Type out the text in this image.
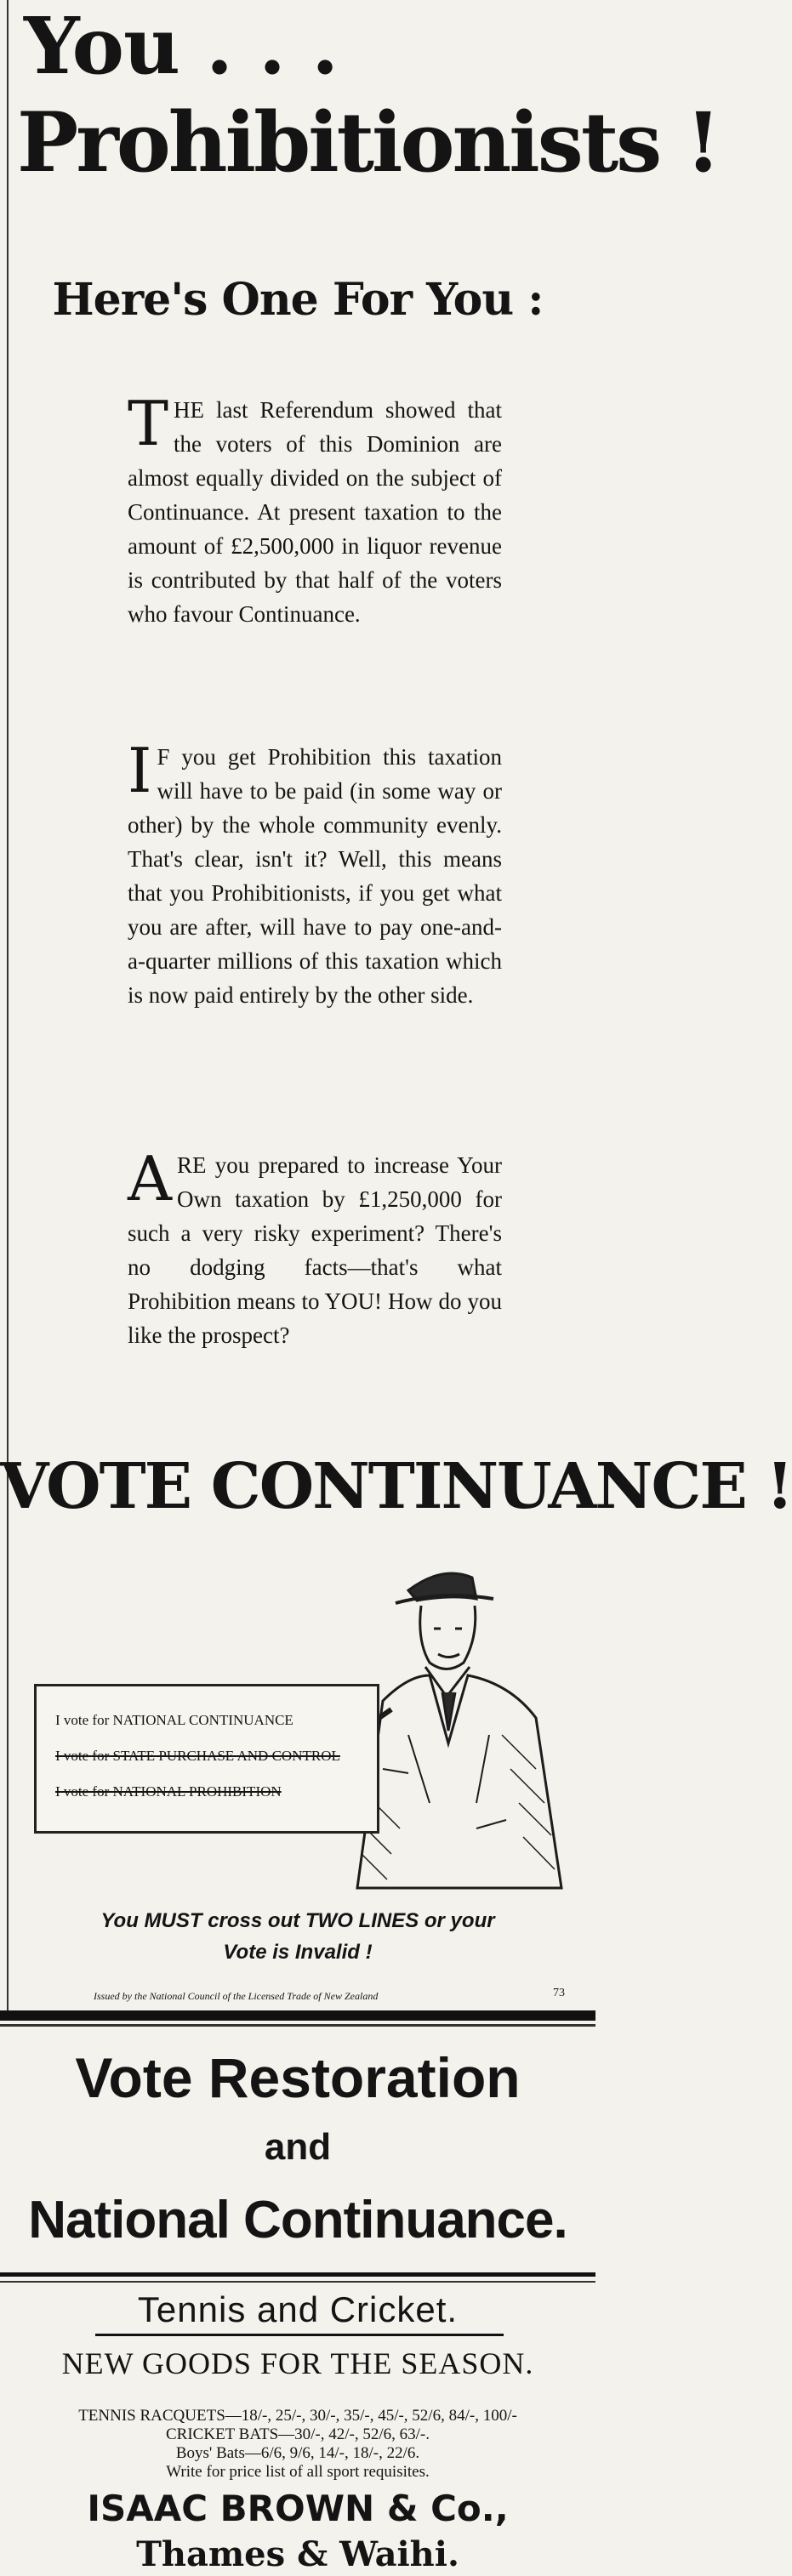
You . . .
Prohibitionists !
Here's One For You :
T HE last Referendum showed that the voters of this Dominion are almost equally divided on the subject of Continuance. At present taxation to the amount of £2,500,000 in liquor revenue is contributed by that half of the voters who favour Continuance.
I F you get Prohibition this taxation will have to be paid (in some way or other) by the whole community evenly. That's clear, isn't it? Well, this means that you Prohibitionists, if you get what you are after, will have to pay one-and-a-quarter millions of this taxation which is now paid entirely by the other side.
A RE you prepared to increase Your Own taxation by £1,250,000 for such a very risky experiment? There's no dodging facts—that's what Prohibition means to YOU! How do you like the prospect?
VOTE CONTINUANCE !
I vote for NATIONAL CONTINUANCE
I vote for STATE PURCHASE AND CONTROL
I vote for NATIONAL PROHIBITION
You MUST cross out TWO LINES or your
Vote is Invalid !
Issued by the National Council of the Licensed Trade of New Zealand	73
Vote Restoration
and
National Continuance.
Tennis and Cricket.
NEW GOODS FOR THE SEASON.
TENNIS RACQUETS—18/-, 25/-, 30/-, 35/-, 45/-, 52/6, 84/-, 100/-
CRICKET BATS—30/-, 42/-, 52/6, 63/-.
Boys' Bats—6/6, 9/6, 14/-, 18/-, 22/6.
Write for price list of all sport requisites.
ISAAC BROWN & Co.,
Thames & Waihi.
